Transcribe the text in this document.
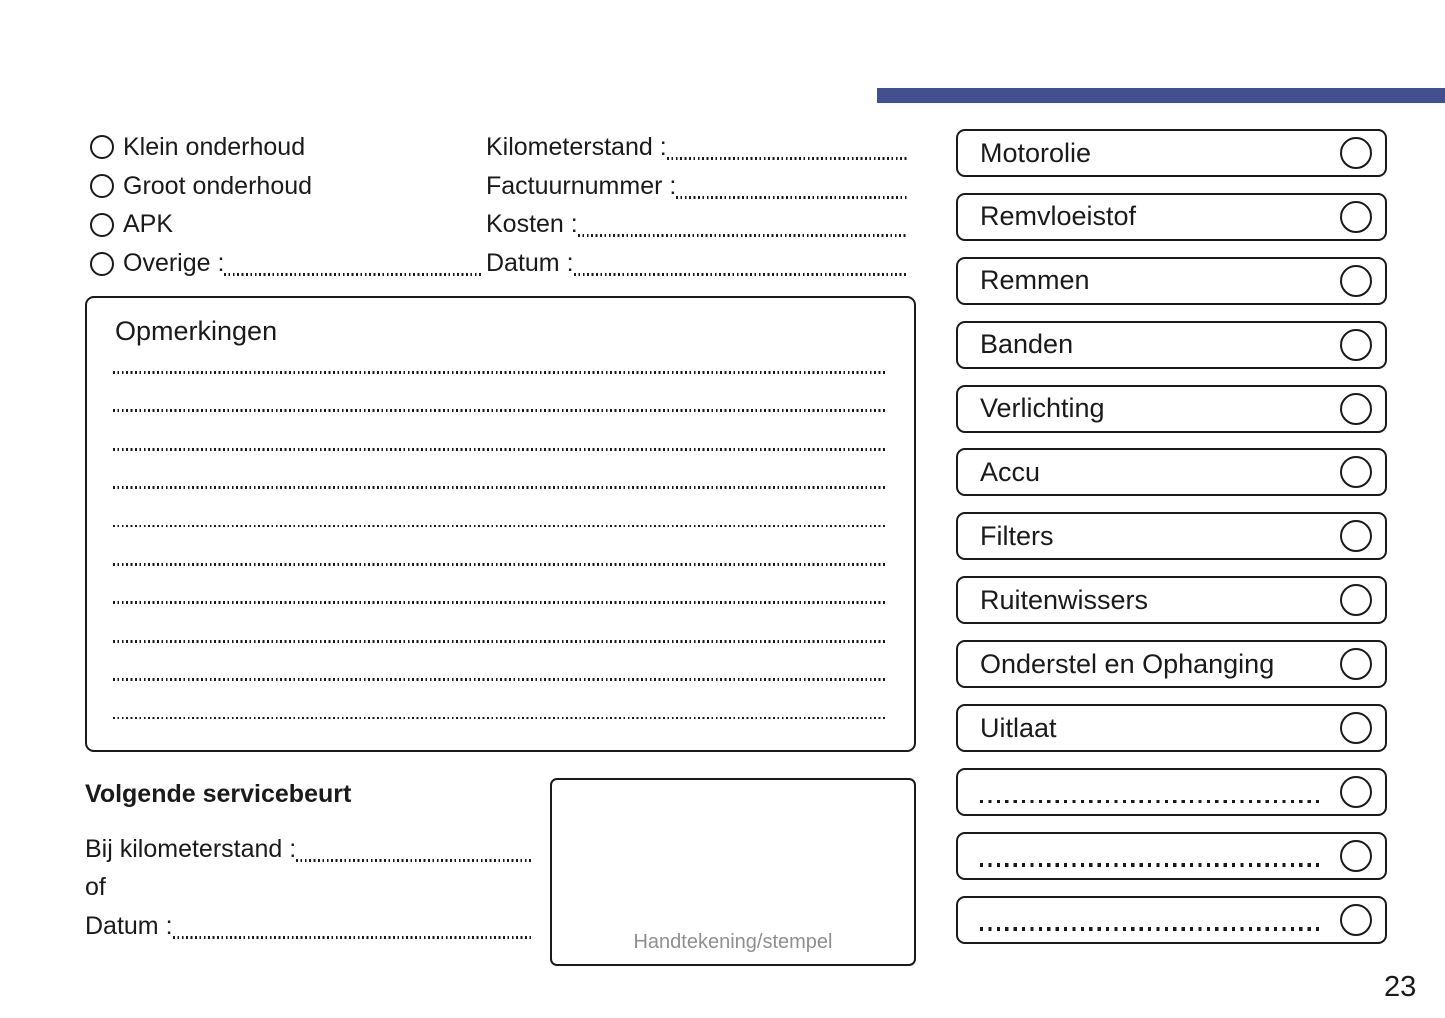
Klein onderhoud
Groot onderhoud
APK
Overige :
Kilometerstand :
Factuurnummer :
Kosten :
Datum :
Opmerkingen
Volgende servicebeurt
Bij kilometerstand :
of
Datum :
Handtekening/stempel
Motorolie
Remvloeistof
Remmen
Banden
Verlichting
Accu
Filters
Ruitenwissers
Onderstel en Ophanging
Uitlaat
23
